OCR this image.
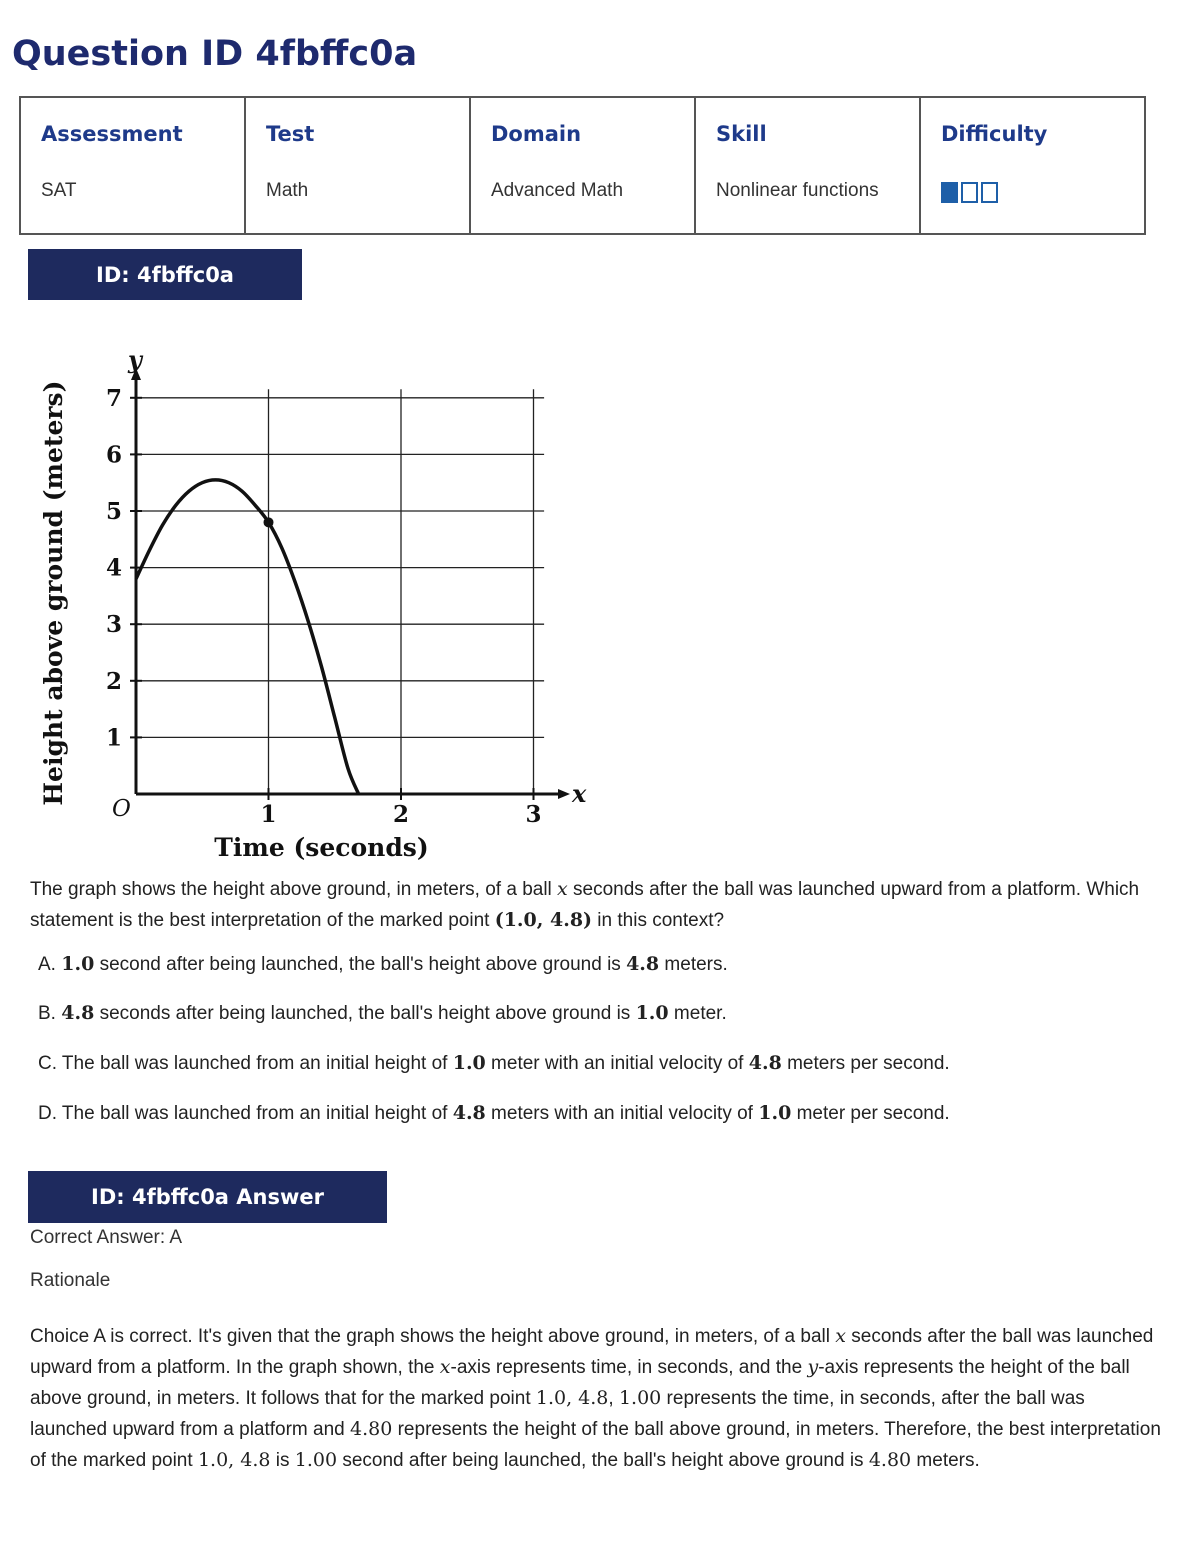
Question ID 4fbffc0a
Assessment
SAT

Test
Math

Domain
Advanced Math

Skill
Nonlinear functions

Difficulty
ID: 4fbffc0a
1
2
3
4
5
6
7
1	2	3
Time (seconds)
Height above ground (meters)	x
y
O

The graph shows the height above ground, in meters, of a ball x seconds after the ball was launched upward from a platform. Which statement is the best interpretation of the marked point (1.0, 4.8) in this context?

A. 1.0 second after being launched, the ball's height above ground is 4.8 meters.

B. 4.8 seconds after being launched, the ball's height above ground is 1.0 meter.

C. The ball was launched from an initial height of 1.0 meter with an initial velocity of 4.8 meters per second.

D. The ball was launched from an initial height of 4.8 meters with an initial velocity of 1.0 meter per second.

ID: 4fbffc0a Answer

Correct Answer: A

Rationale

Choice A is correct. It's given that the graph shows the height above ground, in meters, of a ball x seconds after the ball was launched upward from a platform. In the graph shown, the x-axis represents time, in seconds, and the y-axis represents the height of the ball above ground, in meters. It follows that for the marked point 1.0, 4.8, 1.00 represents the time, in seconds, after the ball was launched upward from a platform and 4.80 represents the height of the ball above ground, in meters. Therefore, the best interpretation of the marked point 1.0, 4.8 is 1.00 second after being launched, the ball's height above ground is 4.80 meters.
